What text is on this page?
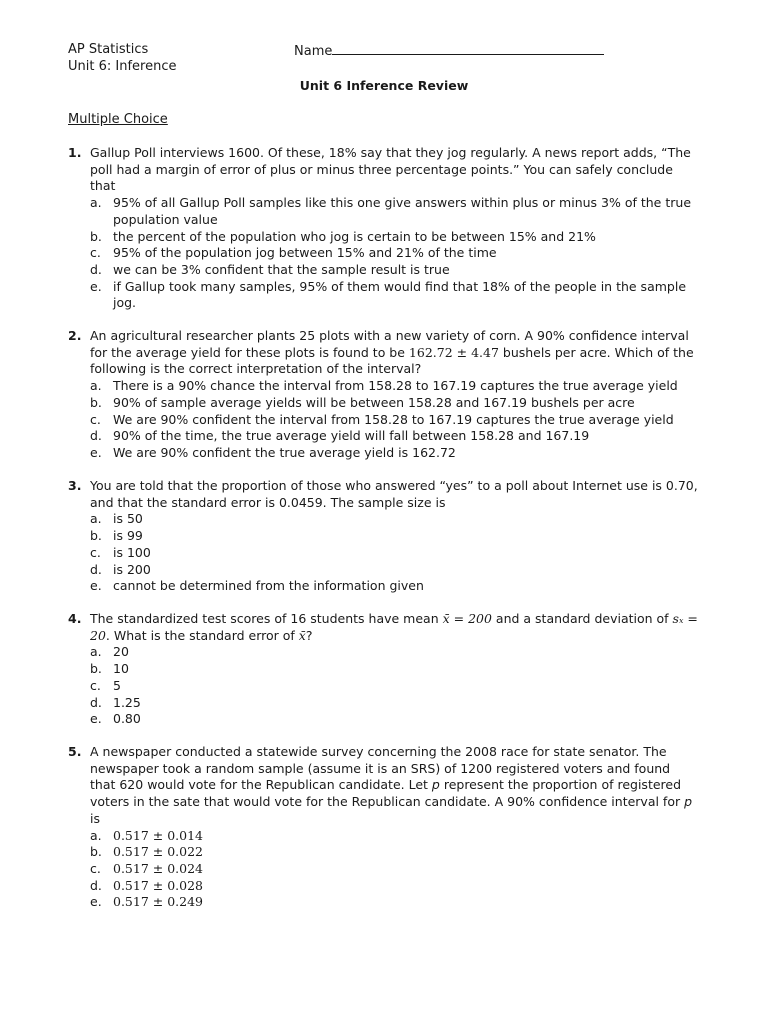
AP Statistics
Unit 6: Inference
Name
Unit 6 Inference Review
Multiple Choice
1. Gallup Poll interviews 1600. Of these, 18% say that they jog regularly. A news report adds, “The poll had a margin of error of plus or minus three percentage points.” You can safely conclude that
a. 95% of all Gallup Poll samples like this one give answers within plus or minus 3% of the true population value
b. the percent of the population who jog is certain to be between 15% and 21%
c. 95% of the population jog between 15% and 21% of the time
d. we can be 3% confident that the sample result is true
e. if Gallup took many samples, 95% of them would find that 18% of the people in the sample jog.
2. An agricultural researcher plants 25 plots with a new variety of corn. A 90% confidence interval for the average yield for these plots is found to be 162.72 ± 4.47 bushels per acre. Which of the following is the correct interpretation of the interval?
a. There is a 90% chance the interval from 158.28 to 167.19 captures the true average yield
b. 90% of sample average yields will be between 158.28 and 167.19 bushels per acre
c. We are 90% confident the interval from 158.28 to 167.19 captures the true average yield
d. 90% of the time, the true average yield will fall between 158.28 and 167.19
e. We are 90% confident the true average yield is 162.72
3. You are told that the proportion of those who answered “yes” to a poll about Internet use is 0.70, and that the standard error is 0.0459. The sample size is
a. is 50
b. is 99
c. is 100
d. is 200
e. cannot be determined from the information given
4. The standardized test scores of 16 students have mean x̄ = 200 and a standard deviation of sₓ = 20. What is the standard error of x̄?
a. 20
b. 10
c. 5
d. 1.25
e. 0.80
5. A newspaper conducted a statewide survey concerning the 2008 race for state senator. The newspaper took a random sample (assume it is an SRS) of 1200 registered voters and found that 620 would vote for the Republican candidate. Let p represent the proportion of registered voters in the sate that would vote for the Republican candidate. A 90% confidence interval for p is
a. 0.517 ± 0.014
b. 0.517 ± 0.022
c. 0.517 ± 0.024
d. 0.517 ± 0.028
e. 0.517 ± 0.249
